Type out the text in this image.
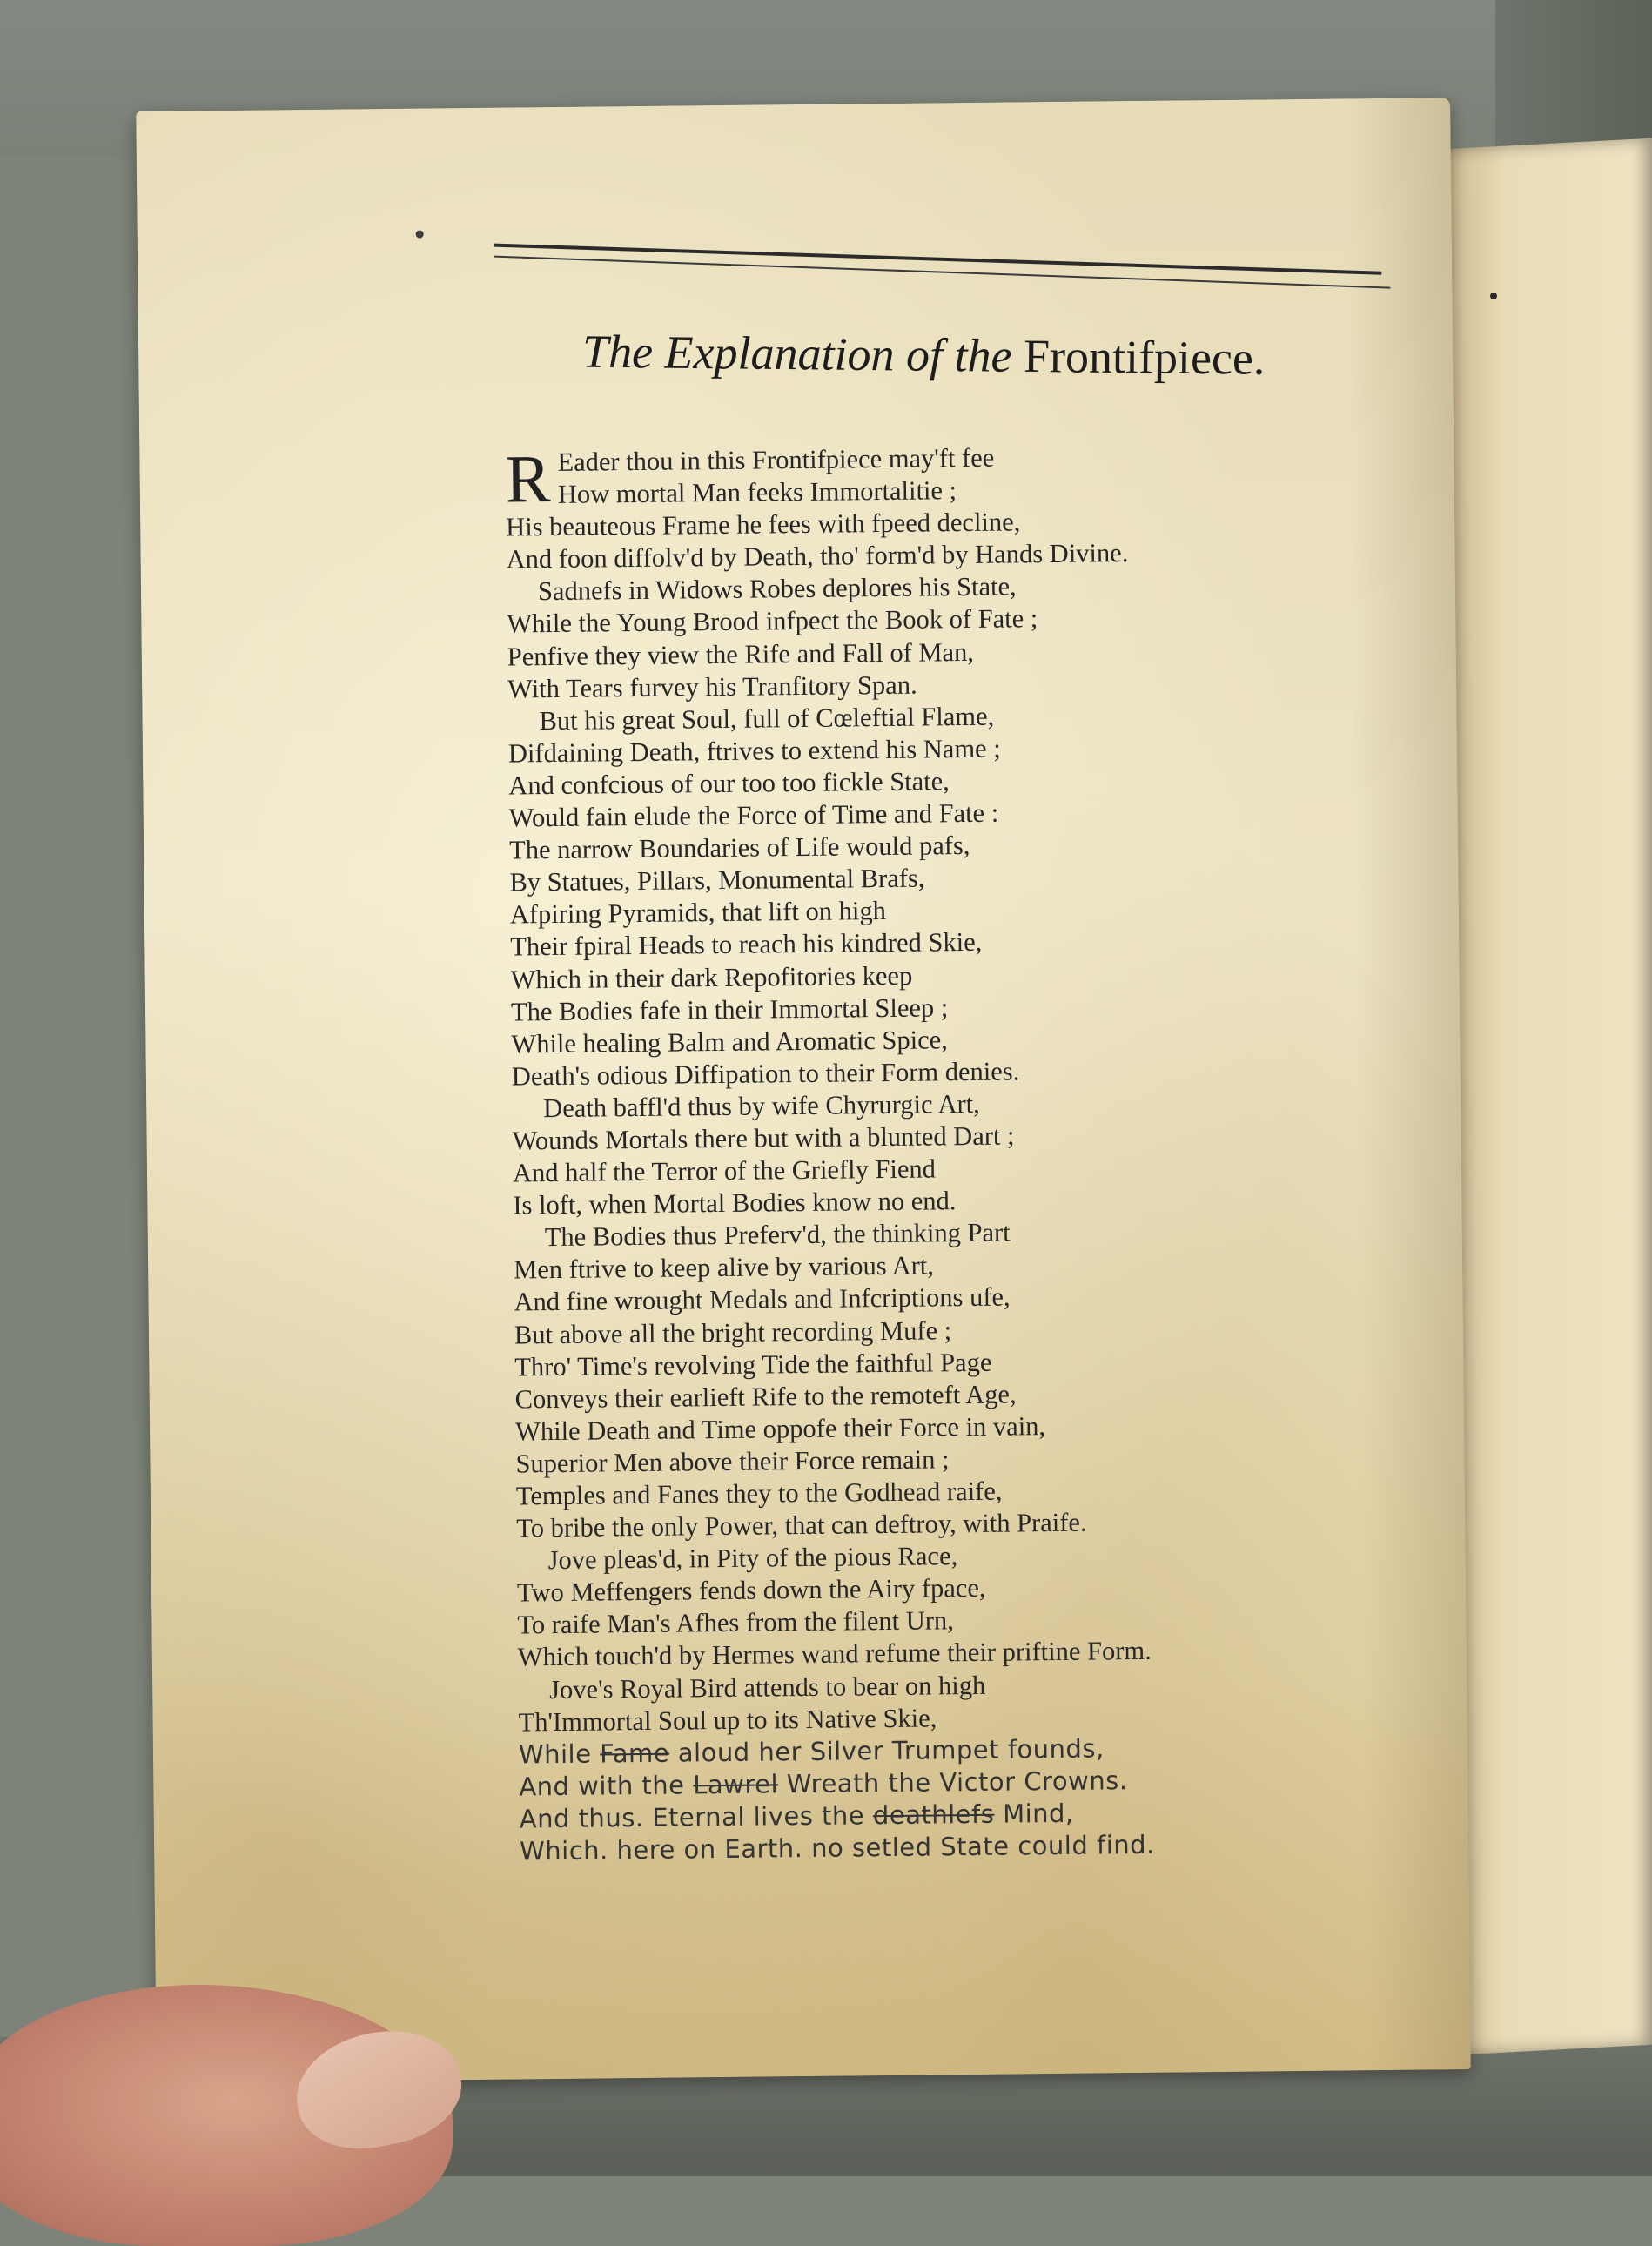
The Explanation of the Frontifpiece.
R Eader thou in this Frontifpiece may'ft fee
How mortal Man feeks Immortalitie ;
His beauteous Frame he fees with fpeed decline,
And foon diffolv'd by Death, tho' form'd by Hands Divine.
Sadnefs in Widows Robes deplores his State,
While the Young Brood infpect the Book of Fate ;
Penfive they view the Rife and Fall of Man,
With Tears furvey his Tranfitory Span.
But his great Soul, full of Cœleftial Flame,
Difdaining Death, ftrives to extend his Name ;
And confcious of our too too fickle State,
Would fain elude the Force of Time and Fate :
The narrow Boundaries of Life would pafs,
By Statues, Pillars, Monumental Brafs,
Afpiring Pyramids, that lift on high
Their fpiral Heads to reach his kindred Skie,
Which in their dark Repofitories keep
The Bodies fafe in their Immortal Sleep ;
While healing Balm and Aromatic Spice,
Death's odious Diffipation to their Form denies.
Death baffl'd thus by wife Chyrurgic Art,
Wounds Mortals there but with a blunted Dart ;
And half the Terror of the Griefly Fiend
Is loft, when Mortal Bodies know no end.
The Bodies thus Preferv'd, the thinking Part
Men ftrive to keep alive by various Art,
And fine wrought Medals and Infcriptions ufe,
But above all the bright recording Mufe ;
Thro' Time's revolving Tide the faithful Page
Conveys their earlieft Rife to the remoteft Age,
While Death and Time oppofe their Force in vain,
Superior Men above their Force remain ;
Temples and Fanes they to the Godhead raife,
To bribe the only Power, that can deftroy, with Praife.
Jove pleas'd, in Pity of the pious Race,
Two Meffengers fends down the Airy fpace,
To raife Man's Afhes from the filent Urn,
Which touch'd by Hermes wand refume their priftine Form.
Jove's Royal Bird attends to bear on high
Th'Immortal Soul up to its Native Skie,
While Fame aloud her Silver Trumpet founds,
And with the Lawrel Wreath the Victor Crowns.
And thus. Eternal lives the deathlefs Mind,
Which. here on Earth. no setled State could find.
